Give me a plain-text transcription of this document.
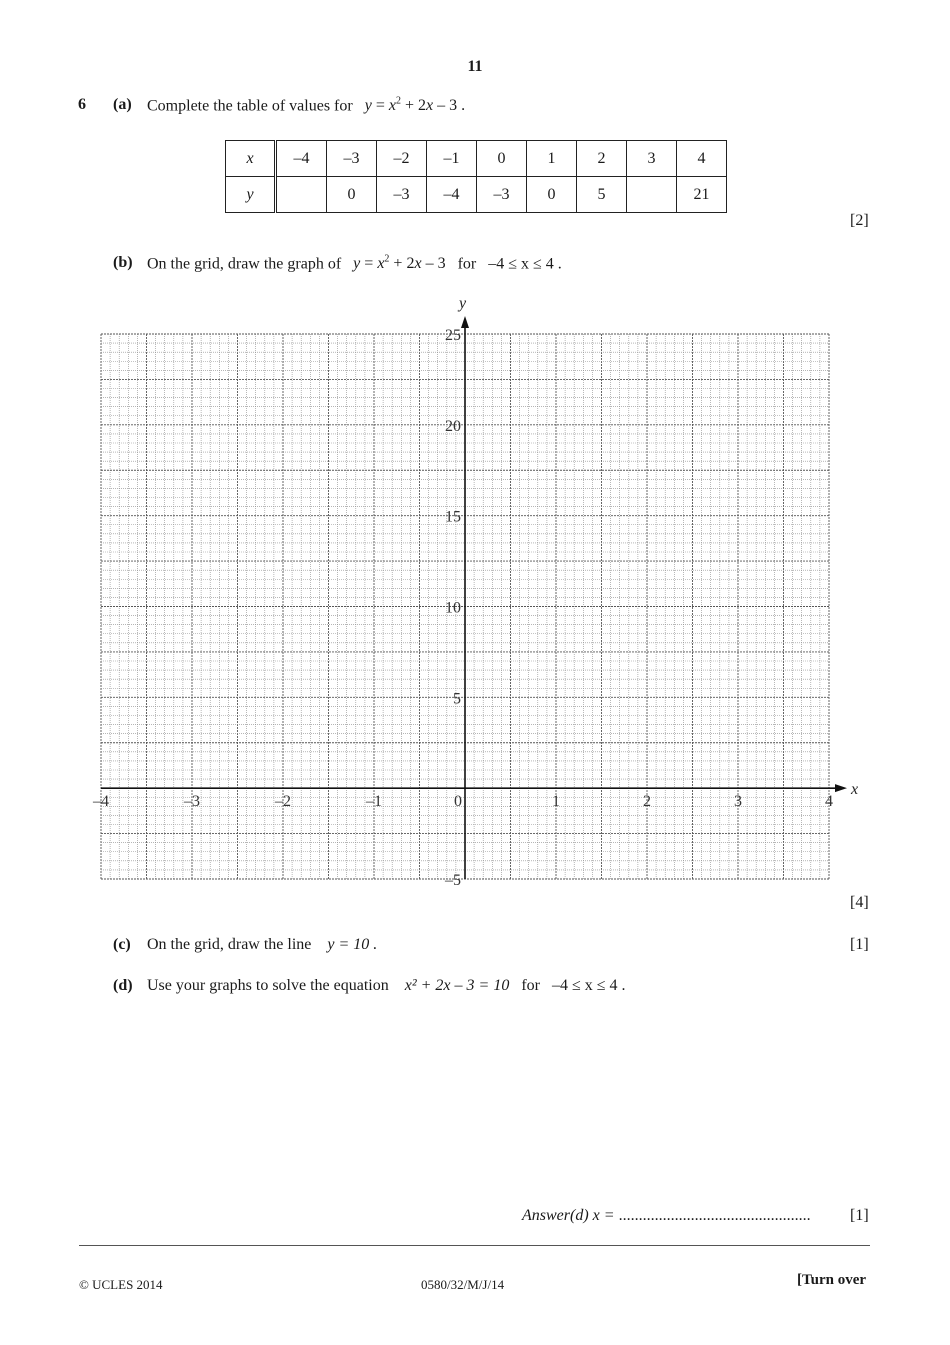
11
6 (a) Complete the table of values for $y = x^2 + 2x - 3$ .
x	–4	–3	–2	–1	0	1	2	3	4
y		0	–3	–4	–3	0	5		21
[2]
(b) On the grid, draw the graph of $y = x^2 + 2x - 3$ for –4 ≤ x ≤ 4 .
x
y
–4	–3	–2	–1	0	1	2	3	4
–5
5
10
15
20
25
[4]
(c) On the grid, draw the line y = 10 .	[1]
(d) Use your graphs to solve the equation x² + 2x – 3 = 10 for –4 ≤ x ≤ 4 .
Answer(d) x = ................................................ [1]
© UCLES 2014	0580/32/M/J/14	[Turn over
